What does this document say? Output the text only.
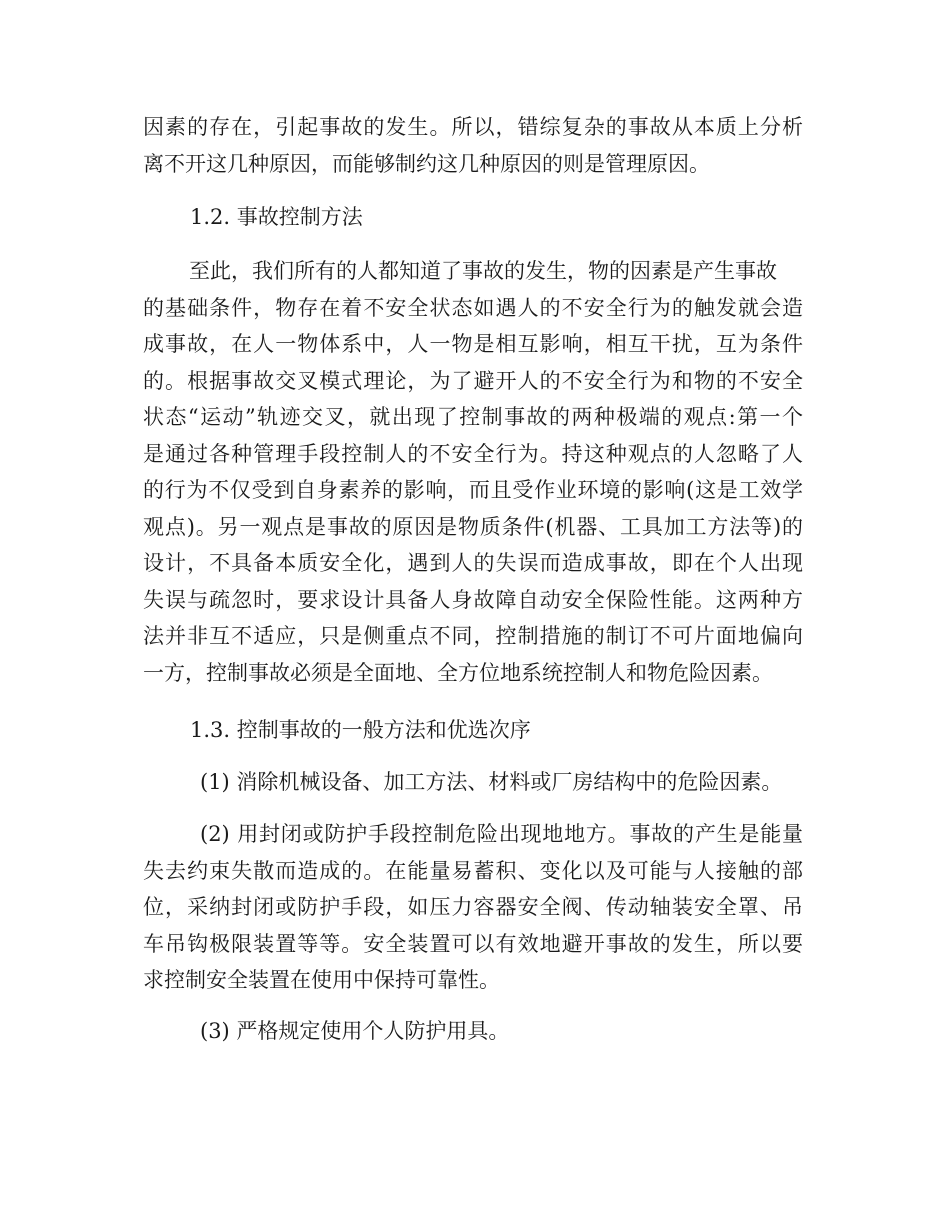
因素的存在，引起事故的发生。所以，错综复杂的事故从本质上分析
离不开这几种原因，而能够制约这几种原因的则是管理原因。
1.2. 事故控制方法
至此，我们所有的人都知道了事故的发生，物的因素是产生事故
的基础条件，物存在着不安全状态如遇人的不安全行为的触发就会造
成事故，在人一物体系中，人一物是相互影响，相互干扰，互为条件
的。根据事故交叉模式理论，为了避开人的不安全行为和物的不安全
状态“运动”轨迹交叉，就出现了控制事故的两种极端的观点:第一个
是通过各种管理手段控制人的不安全行为。持这种观点的人忽略了人
的行为不仅受到自身素养的影响，而且受作业环境的影响(这是工效学
观点)。另一观点是事故的原因是物质条件(机器、工具加工方法等)的
设计，不具备本质安全化，遇到人的失误而造成事故，即在个人出现
失误与疏忽时，要求设计具备人身故障自动安全保险性能。这两种方
法并非互不适应，只是侧重点不同，控制措施的制订不可片面地偏向
一方，控制事故必须是全面地、全方位地系统控制人和物危险因素。
1.3. 控制事故的一般方法和优选次序
(1) 消除机械设备、加工方法、材料或厂房结构中的危险因素。
(2) 用封闭或防护手段控制危险出现地地方。事故的产生是能量
失去约束失散而造成的。在能量易蓄积、变化以及可能与人接触的部
位，采纳封闭或防护手段，如压力容器安全阀、传动轴装安全罩、吊
车吊钩极限装置等等。安全装置可以有效地避开事故的发生，所以要
求控制安全装置在使用中保持可靠性。
(3) 严格规定使用个人防护用具。
